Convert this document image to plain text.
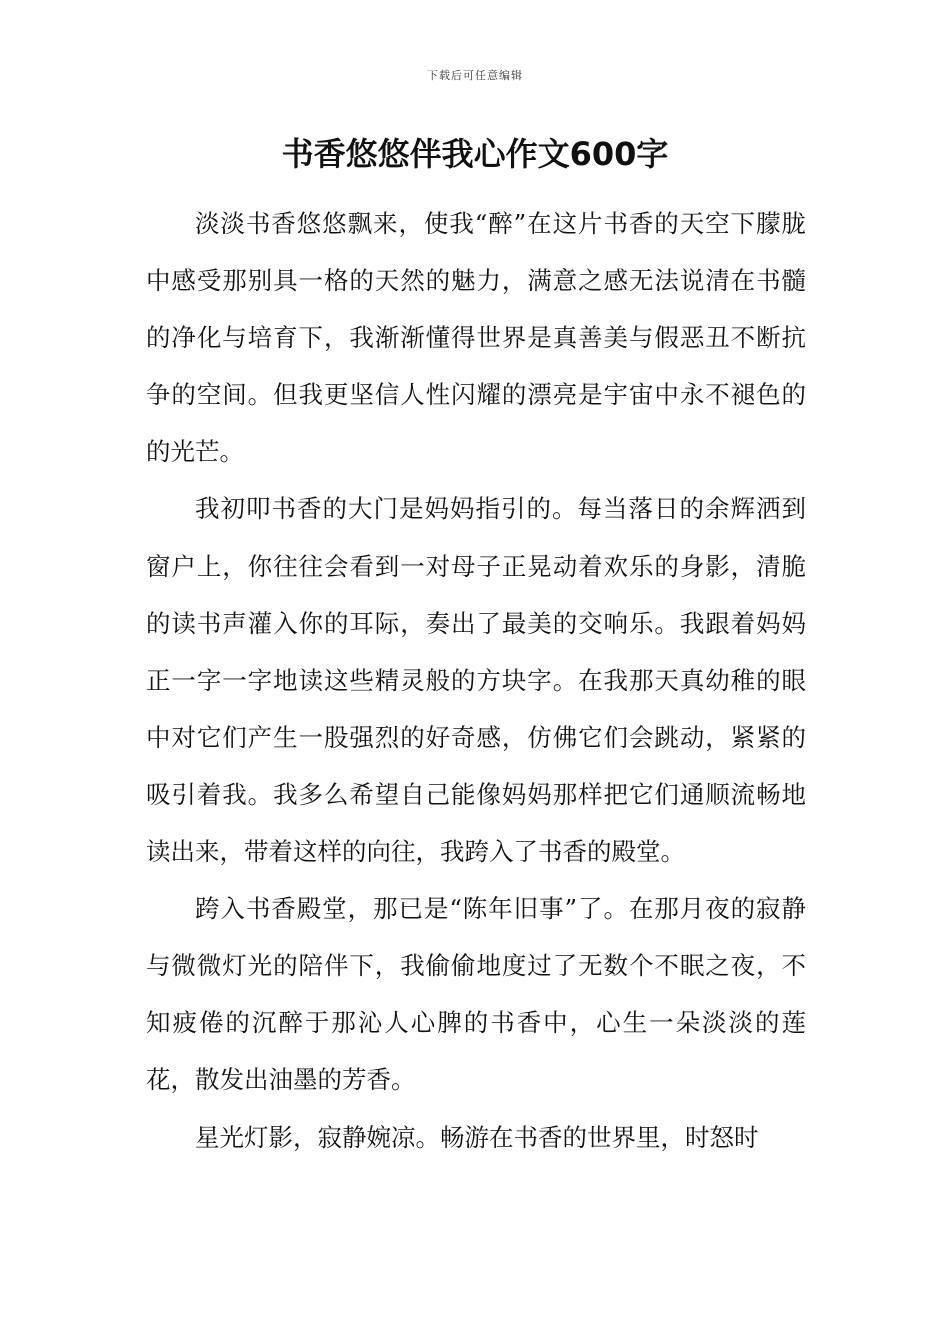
下载后可任意编辑
书香悠悠伴我心作文600字

淡淡书香悠悠飘来，使我“醉”在这片书香的天空下朦胧中感受那别具一格的天然的魅力，满意之感无法说清在书髓的净化与培育下，我渐渐懂得世界是真善美与假恶丑不断抗争的空间。但我更坚信人性闪耀的漂亮是宇宙中永不褪色的的光芒。

我初叩书香的大门是妈妈指引的。每当落日的余辉洒到窗户上，你往往会看到一对母子正晃动着欢乐的身影，清脆的读书声灌入你的耳际，奏出了最美的交响乐。我跟着妈妈正一字一字地读这些精灵般的方块字。在我那天真幼稚的眼中对它们产生一股强烈的好奇感，仿佛它们会跳动，紧紧的吸引着我。我多么希望自己能像妈妈那样把它们通顺流畅地读出来，带着这样的向往，我跨入了书香的殿堂。

跨入书香殿堂，那已是“陈年旧事”了。在那月夜的寂静与微微灯光的陪伴下，我偷偷地度过了无数个不眠之夜，不知疲倦的沉醉于那沁人心脾的书香中，心生一朵淡淡的莲花，散发出油墨的芳香。

星光灯影，寂静婉凉。畅游在书香的世界里，时怒时
